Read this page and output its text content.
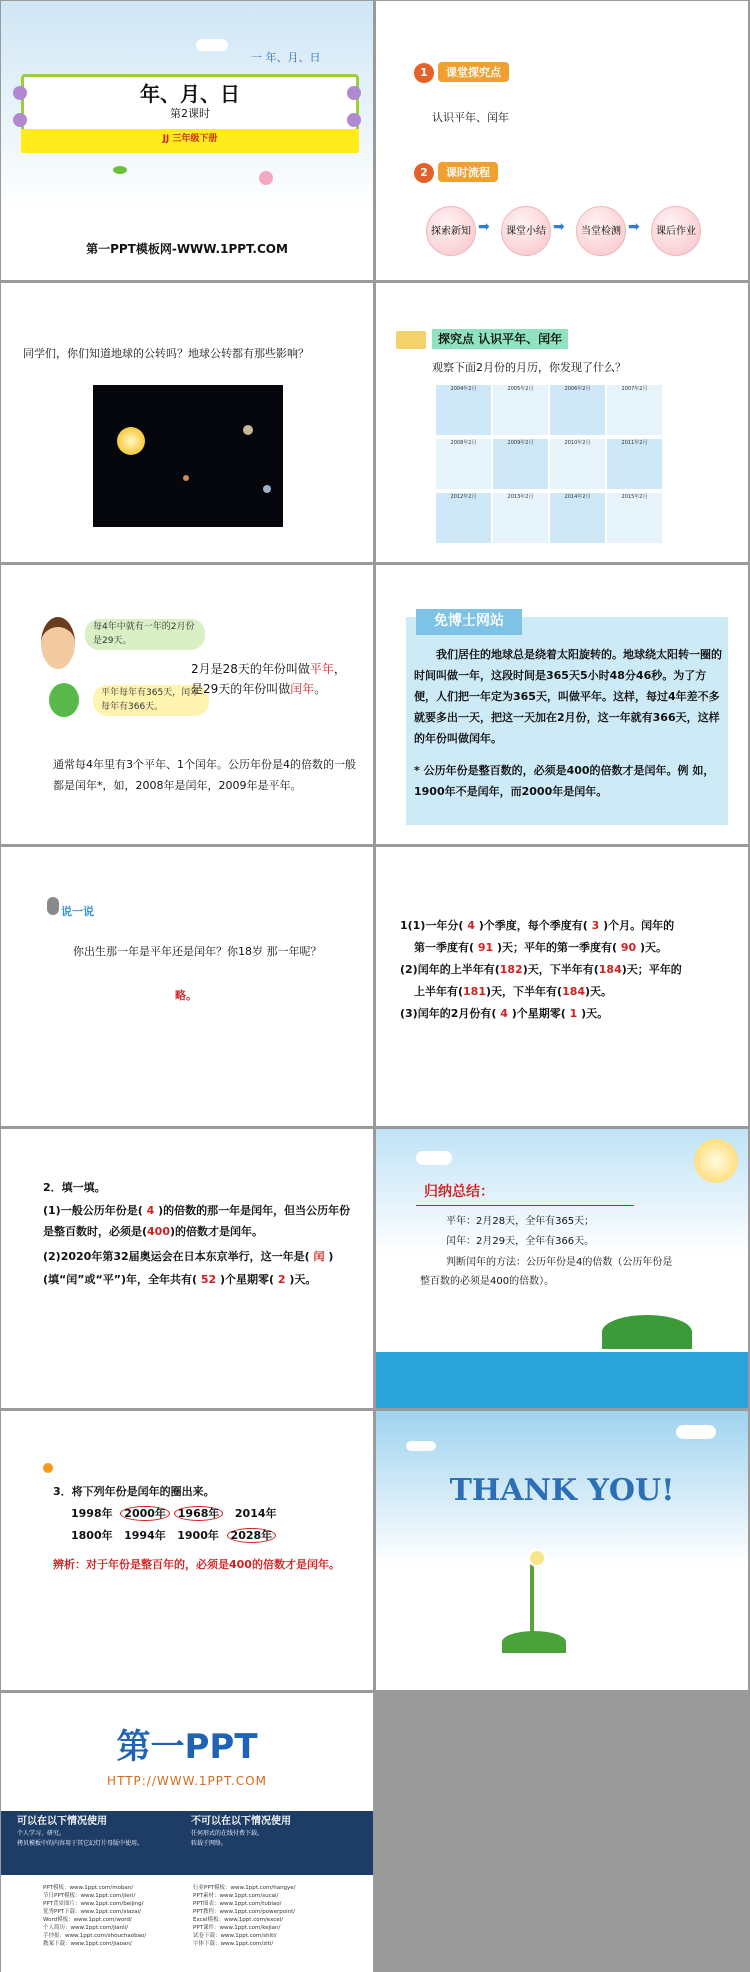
一 年、月、日
年、月、日
第2课时
JJ 三年级下册
第一PPT模板网-WWW.1PPT.COM
1 课堂探究点
认识平年、闰年
2 课时流程
探索新知 ➡	课堂小结 ➡	当堂检测 ➡	课后作业
同学们，你们知道地球的公转吗？地球公转都有那些影响？
探究点 认识平年、闰年
观察下面2月份的月历，你发现了什么？
2004年2月	2005年2月	2006年2月	2007年2月
2008年2月	2009年2月	2010年2月	2011年2月
2012年2月	2013年2月	2014年2月	2015年2月
每4年中就有一年的2月份是29天。
平年每年有365天，闰年每年有366天。
2月是28天的年份叫做平年，
是29天的年份叫做闰年。
通常每4年里有3个平年、1个闰年。公历年份是4的倍数的一般都是闰年*，如，2008年是闰年，2009年是平年。
免博士网站
我们居住的地球总是绕着太阳旋转的。地球绕太阳转一圈的时间叫做一年，这段时间是365天5小时48分46秒。为了方便，人们把一年定为365天，叫做平年。这样，每过4年差不多就要多出一天，把这一天加在2月份，这一年就有366天，这样的年份叫做闰年。
* 公历年份是整百数的，必须是400的倍数才是闰年。例 如，1900年不是闰年，而2000年是闰年。
说一说
你出生那一年是平年还是闰年？你18岁 那一年呢？
略。
1(1)一年分( 4 )个季度，每个季度有( 3 )个月。闰年的
第一季度有( 91 )天；平年的第一季度有( 90 )天。
(2)闰年的上半年有(182)天，下半年有(184)天；平年的
上半年有(181)天，下半年有(184)天。
(3)闰年的2月份有( 4 )个星期零( 1 )天。
2．填一填。
(1)一般公历年份是( 4 )的倍数的那一年是闰年，但当公历年份是整百数时，必须是(400)的倍数才是闰年。
(2)2020年第32届奥运会在日本东京举行，这一年是( 闰 )(填“闰”或“平”)年，全年共有( 52 )个星期零( 2 )天。
归纳总结：
平年：2月28天，全年有365天；
闰年：2月29天，全年有366天。
判断闰年的方法：公历年份是4的倍数（公历年份是整百数的必须是400的倍数）。
3．将下列年份是闰年的圈出来。
1998年 2000年 1968年 2014年
1800年 1994年 1900年 2028年
辨析：对于年份是整百年的，必须是400的倍数才是闰年。
THANK YOU!
第一PPT
HTTP://WWW.1PPT.COM
可以在以下情况使用
个人学习、研究。
拷贝模板中的内容用于其它幻灯片母版中使用。
不可以在以下情况使用
任何形式的在线付费下载。
转载于网络。
PPT模板：www.1ppt.com/moban/
节日PPT模板：www.1ppt.com/jieri/
PPT背景图片：www.1ppt.com/beijing/
优秀PPT下载：www.1ppt.com/xiazai/
Word模板：www.1ppt.com/word/
个人简历：www.1ppt.com/jianli/
手抄报：www.1ppt.com/shouchaobao/
教案下载：www.1ppt.com/jiaoan/
行业PPT模板：www.1ppt.com/hangye/
PPT素材：www.1ppt.com/sucai/
PPT图表：www.1ppt.com/tubiao/
PPT教程：www.1ppt.com/powerpoint/
Excel模板：www.1ppt.com/excel/
PPT课件：www.1ppt.com/kejian/
试卷下载：www.1ppt.com/shiti/
字体下载：www.1ppt.com/ziti/
